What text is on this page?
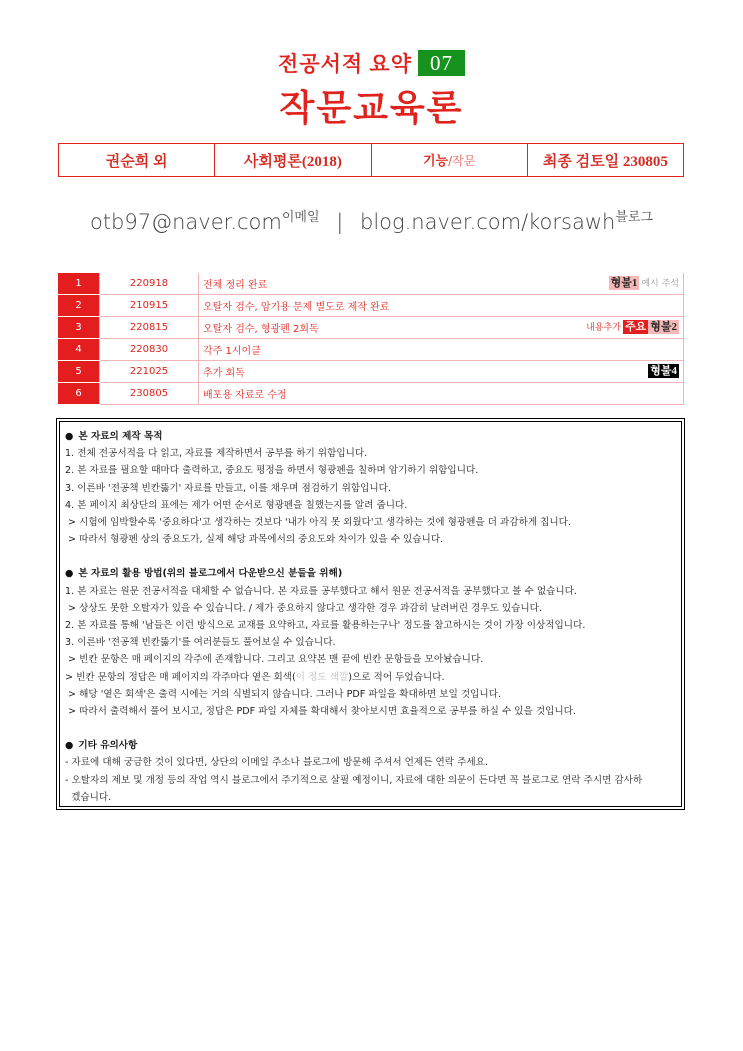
전공서적 요약 07
작문교육론
권순희 외	사회평론(2018)	기능/작문	최종 검토일 230805
otb97@naver.com$^{이메일}$ | blog.naver.com/korsawh$^{블로그}$
1	220918	전체 정리 완료 형불1 예시 주석

2	210915	오탈자 검수, 암기용 문제 별도로 제작 완료

3	220815	오탈자 검수, 형광펜 2회독 내용추가 주요 형불2

4	220830	각주 1시이클

5	221025	추가 회독 형불4

6	230805	배포용 자료로 수정
● 본 자료의 제작 목적
1. 전체 전공서적을 다 읽고, 자료를 제작하면서 공부를 하기 위함입니다.
2. 본 자료를 필요할 때마다 출력하고, 중요도 평정을 하면서 형광펜을 칠하며 암기하기 위함입니다.
3. 이른바 '전공책 빈칸뚫기' 자료를 만들고, 이를 채우며 점검하기 위함입니다.
4. 본 페이지 최상단의 표에는 제가 어떤 순서로 형광펜을 칠했는지를 알려 줍니다.
> 시험에 임박할수록 '중요하다'고 생각하는 것보다 '내가 아직 못 외웠다'고 생각하는 것에 형광펜을 더 과감하게 칩니다.
> 따라서 형광펜 상의 중요도가, 실제 해당 과목에서의 중요도와 차이가 있을 수 있습니다.
● 본 자료의 활용 방법(위의 블로그에서 다운받으신 분들을 위해)
1. 본 자료는 원문 전공서적을 대체할 수 없습니다. 본 자료를 공부했다고 해서 원문 전공서적을 공부했다고 볼 수 없습니다.
> 상상도 못한 오탈자가 있을 수 있습니다. / 제가 중요하지 않다고 생각한 경우 과감히 날려버린 경우도 있습니다.
2. 본 자료를 통해 '남들은 이런 방식으로 교재를 요약하고, 자료를 활용하는구나' 정도를 참고하시는 것이 가장 이상적입니다.
3. 이른바 '전공책 빈칸뚫기'를 여러분들도 풀어보실 수 있습니다.
> 빈칸 문항은 매 페이지의 각주에 존재합니다. 그리고 요약본 맨 끝에 빈칸 문항들을 모아놨습니다.
> 빈칸 문항의 정답은 매 페이지의 각주마다 옅은 회색(이 정도 색깔)으로 적어 두었습니다.
> 해당 '옅은 회색'은 출력 시에는 거의 식별되지 않습니다. 그러나 PDF 파일을 확대하면 보일 것입니다.
> 따라서 출력해서 풀어 보시고, 정답은 PDF 파일 자체를 확대해서 찾아보시면 효율적으로 공부를 하실 수 있을 것입니다.
● 기타 유의사항
- 자료에 대해 궁금한 것이 있다면, 상단의 이메일 주소나 블로그에 방문해 주셔서 언제든 연락 주세요.
- 오탈자의 제보 및 개정 등의 작업 역시 블로그에서 주기적으로 살필 예정이니, 자료에 대한 의문이 든다면 꼭 블로그로 연락 주시면 감사하
겠습니다.
